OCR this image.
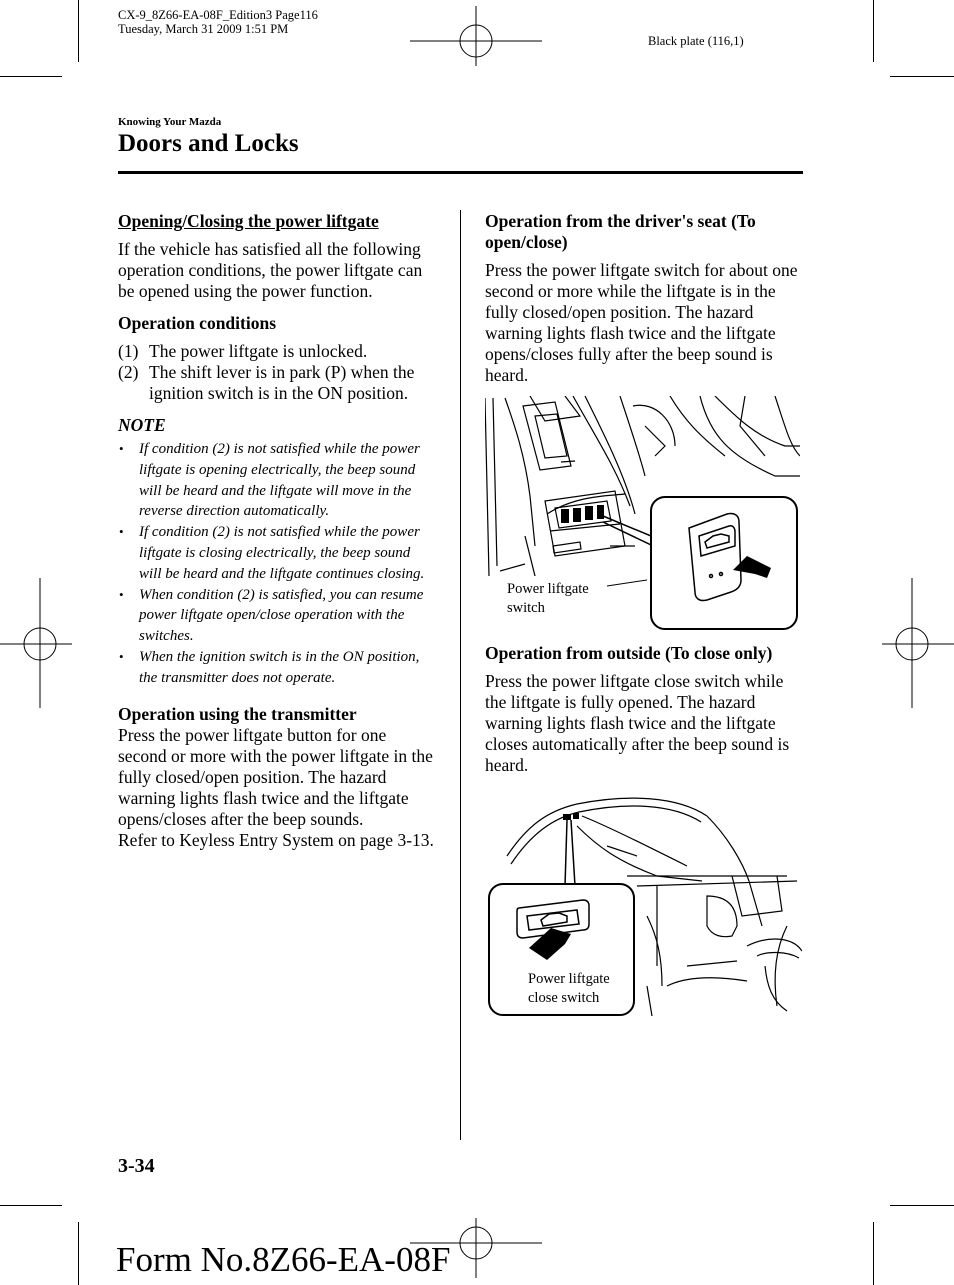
CX-9_8Z66-EA-08F_Edition3 Page116
Tuesday, March 31 2009 1:51 PM
Black plate (116,1)
Knowing Your Mazda
Doors and Locks

Opening/Closing the power liftgate

If the vehicle has satisfied all the following operation conditions, the power liftgate can be opened using the power function.

Operation conditions

(1) The power liftgate is unlocked.
(2) The shift lever is in park (P) when the ignition switch is in the ON position.

NOTE

• If condition (2) is not satisfied while the power liftgate is opening electrically, the beep sound will be heard and the liftgate will move in the reverse direction automatically.
• If condition (2) is not satisfied while the power liftgate is closing electrically, the beep sound will be heard and the liftgate continues closing.
• When condition (2) is satisfied, you can resume power liftgate open/close operation with the switches.
• When the ignition switch is in the ON position, the transmitter does not operate.

Operation using the transmitter

Press the power liftgate button for one second or more with the power liftgate in the fully closed/open position. The hazard warning lights flash twice and the liftgate opens/closes after the beep sounds.

Refer to Keyless Entry System on page 3-13.

Operation from the driver's seat (To open/close)

Press the power liftgate switch for about one second or more while the liftgate is in the fully closed/open position. The hazard warning lights flash twice and the liftgate opens/closes fully after the beep sound is heard.

Power liftgate
switch

Operation from outside (To close only)

Press the power liftgate close switch while the liftgate is fully opened. The hazard warning lights flash twice and the liftgate closes automatically after the beep sound is heard.

Power liftgate
close switch
3-34
Form No.8Z66-EA-08F
